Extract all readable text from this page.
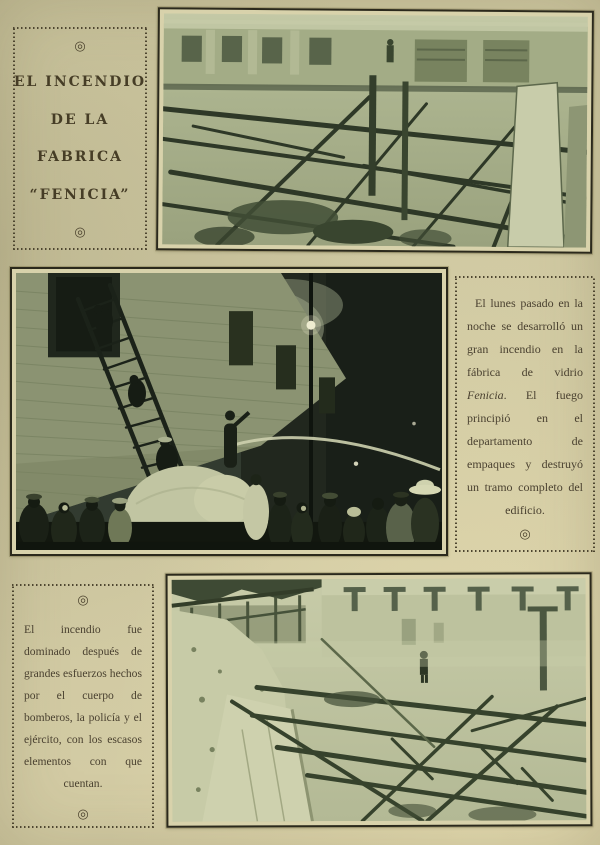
◎
EL INCENDIO
DE LA
FABRICA
“FENICIA”
◎

El lunes pasado en la noche se desarrolló un gran incendio en la fábrica de vidrio Fenicia. El fuego principió en el departamento de empaques y destruyó un tramo completo del edificio.

◎
◎

El incendio fue dominado después de grandes esfuerzos hechos por el cuerpo de bomberos, la policía y el ejército, con los escasos elementos con que cuentan.

◎
